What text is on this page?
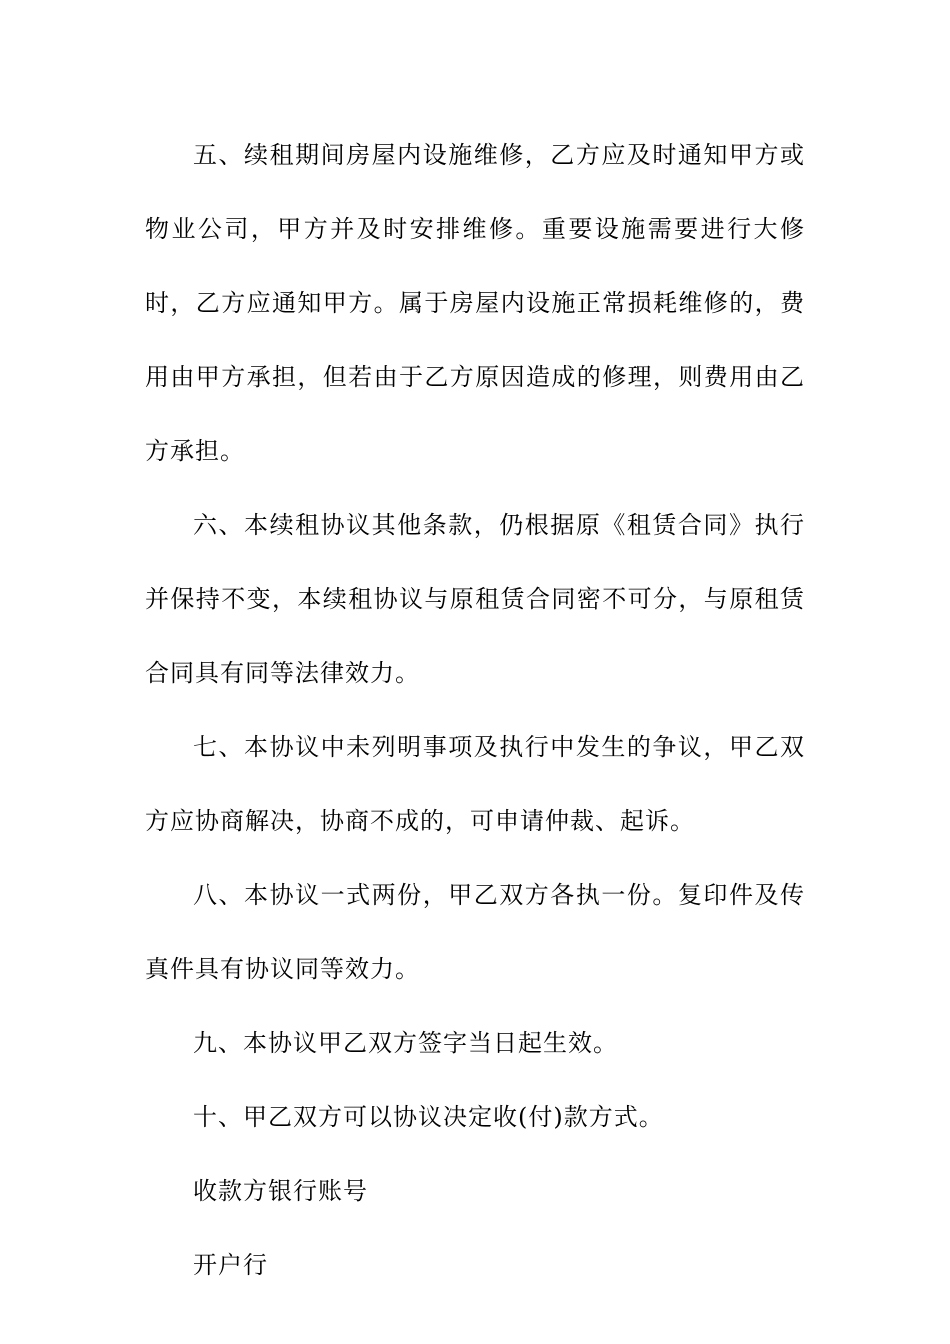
五、续租期间房屋内设施维修，乙方应及时通知甲方或物业公司，甲方并及时安排维修。重要设施需要进行大修时，乙方应通知甲方。属于房屋内设施正常损耗维修的，费用由甲方承担，但若由于乙方原因造成的修理，则费用由乙方承担。

六、本续租协议其他条款，仍根据原《租赁合同》执行并保持不变，本续租协议与原租赁合同密不可分，与原租赁合同具有同等法律效力。

七、本协议中未列明事项及执行中发生的争议，甲乙双方应协商解决，协商不成的，可申请仲裁、起诉。

八、本协议一式两份，甲乙双方各执一份。复印件及传真件具有协议同等效力。

九、本协议甲乙双方签字当日起生效。

十、甲乙双方可以协议决定收(付)款方式。

收款方银行账号

开户行
